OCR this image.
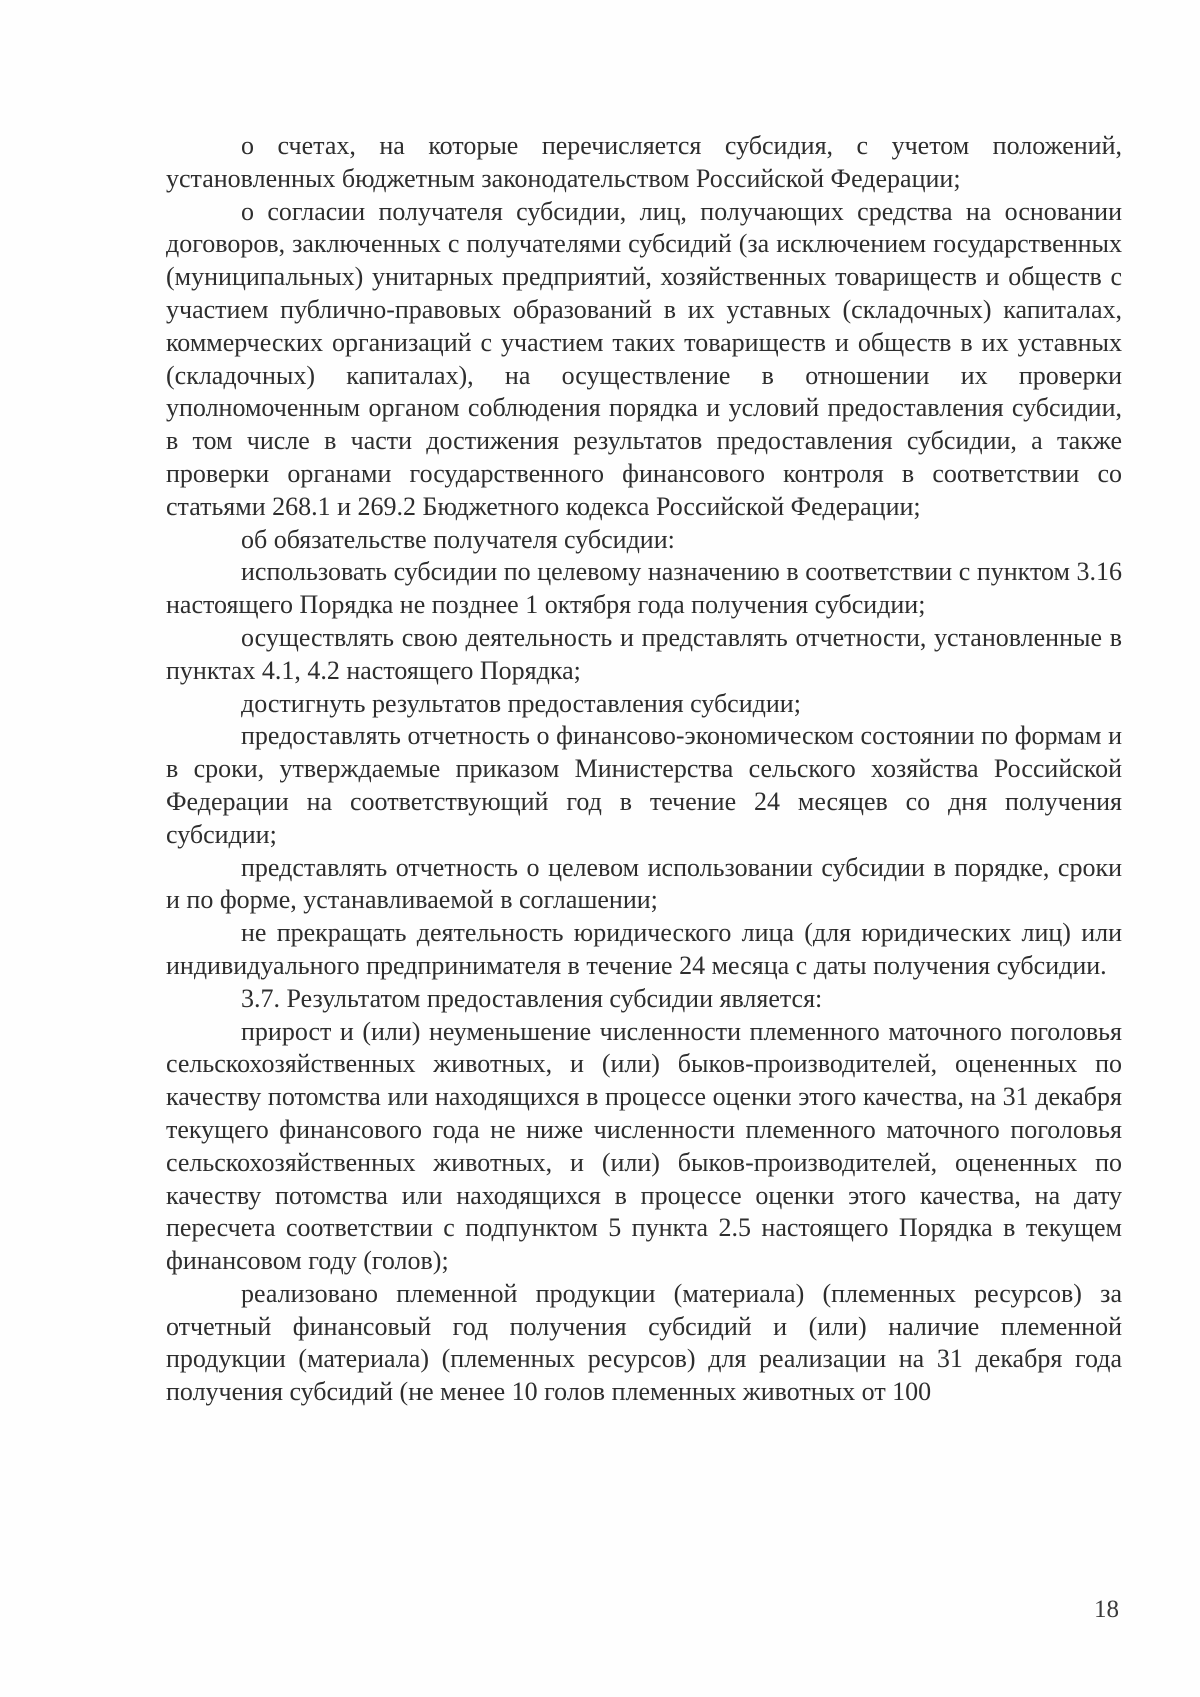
о счетах, на которые перечисляется субсидия, с учетом положений, установленных бюджетным законодательством Российской Федерации;

о согласии получателя субсидии, лиц, получающих средства на основании договоров, заключенных с получателями субсидий (за исключением государственных (муниципальных) унитарных предприятий, хозяйственных товариществ и обществ с участием публично-правовых образований в их уставных (складочных) капиталах, коммерческих организаций с участием таких товариществ и обществ в их уставных (складочных) капиталах), на осуществление в отношении их проверки уполномоченным органом соблюдения порядка и условий предоставления субсидии, в том числе в части достижения результатов предоставления субсидии, а также проверки органами государственного финансового контроля в соответствии со статьями 268.1 и 269.2 Бюджетного кодекса Российской Федерации;

об обязательстве получателя субсидии:

использовать субсидии по целевому назначению в соответствии с пунктом 3.16 настоящего Порядка не позднее 1 октября года получения субсидии;

осуществлять свою деятельность и представлять отчетности, установленные в пунктах 4.1, 4.2 настоящего Порядка;

достигнуть результатов предоставления субсидии;

предоставлять отчетность о финансово-экономическом состоянии по формам и в сроки, утверждаемые приказом Министерства сельского хозяйства Российской Федерации на соответствующий год в течение 24 месяцев со дня получения субсидии;

представлять отчетность о целевом использовании субсидии в порядке, сроки и по форме, устанавливаемой в соглашении;

не прекращать деятельность юридического лица (для юридических лиц) или индивидуального предпринимателя в течение 24 месяца с даты получения субсидии.

3.7. Результатом предоставления субсидии является:

прирост и (или) неуменьшение численности племенного маточного поголовья сельскохозяйственных животных, и (или) быков-производителей, оцененных по качеству потомства или находящихся в процессе оценки этого качества, на 31 декабря текущего финансового года не ниже численности племенного маточного поголовья сельскохозяйственных животных, и (или) быков-производителей, оцененных по качеству потомства или находящихся в процессе оценки этого качества, на дату пересчета соответствии с подпунктом 5 пункта 2.5 настоящего Порядка в текущем финансовом году (голов);

реализовано племенной продукции (материала) (племенных ресурсов) за отчетный финансовый год получения субсидий и (или) наличие племенной продукции (материала) (племенных ресурсов) для реализации на 31 декабря года получения субсидий (не менее 10 голов племенных животных от 100

18
